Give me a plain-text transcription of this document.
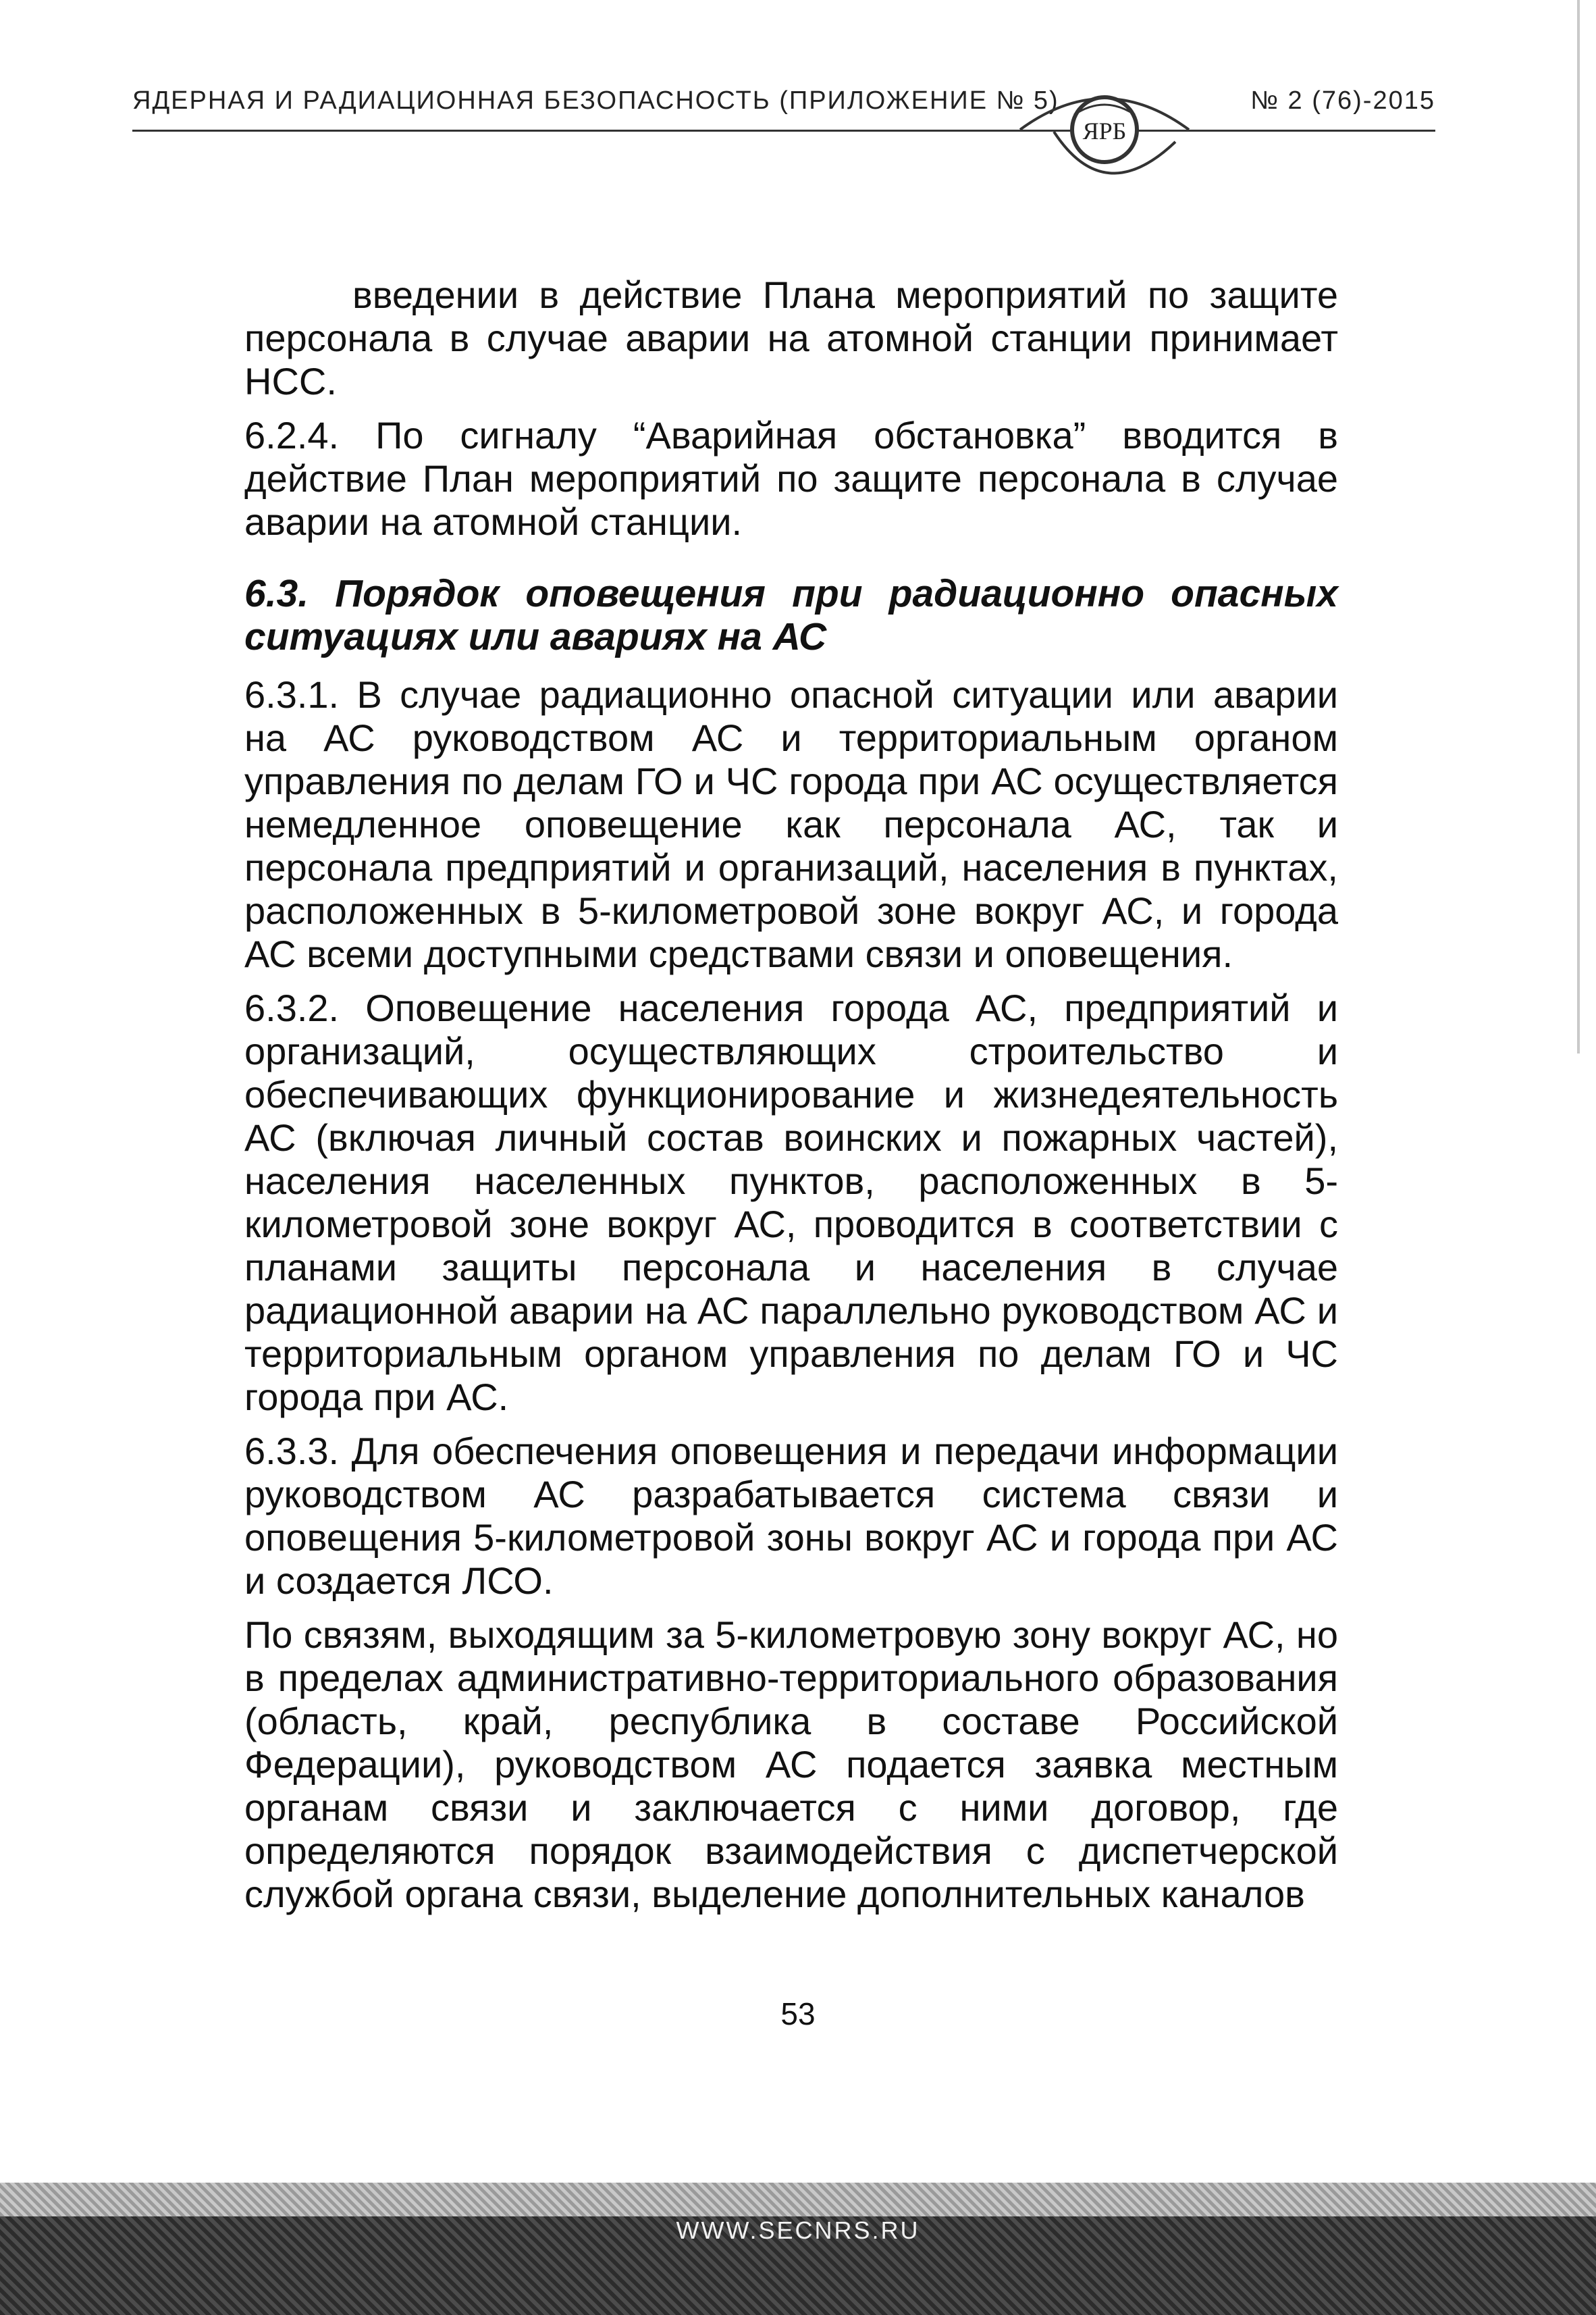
ЯДЕРНАЯ И РАДИАЦИОННАЯ БЕЗОПАСНОСТЬ (ПРИЛОЖЕНИЕ № 5)
ЯРБ
№ 2 (76)-2015

введении в действие Плана мероприятий по защите персонала в случае аварии на атомной станции принимает НСС.

6.2.4. По сигналу “Аварийная обстановка” вводится в действие План мероприятий по защите персонала в случае аварии на атомной станции.

6.3. Порядок оповещения при радиационно опасных ситуациях или авариях на АС

6.3.1. В случае радиационно опасной ситуации или аварии на АС руководством АС и территориальным органом управления по делам ГО и ЧС города при АС осуществляется немедленное оповещение как персонала АС, так и персонала предприятий и организаций, населения в пунктах, расположенных в 5-километровой зоне вокруг АС, и города АС всеми доступными средствами связи и оповещения.

6.3.2. Оповещение населения города АС, предприятий и организаций, осуществляющих строительство и обеспечивающих функционирование и жизнедеятельность АС (включая личный состав воинских и пожарных частей), населения населенных пунктов, расположенных в 5-километровой зоне вокруг АС, проводится в соответствии с планами защиты персонала и населения в случае радиационной аварии на АС параллельно руководством АС и территориальным органом управления по делам ГО и ЧС города при АС.

6.3.3. Для обеспечения оповещения и передачи информации руководством АС разрабатывается система связи и оповещения 5-километровой зоны вокруг АС и города при АС и создается ЛСО.

По связям, выходящим за 5-километровую зону вокруг АС, но в пределах административно-территориального образования (область, край, республика в составе Российской Федерации), руководством АС подается заявка местным органам связи и заключается с ними договор, где определяются порядок взаимодействия с диспетчерской службой органа связи, выделение дополнительных каналов

53
WWW.SECNRS.RU
